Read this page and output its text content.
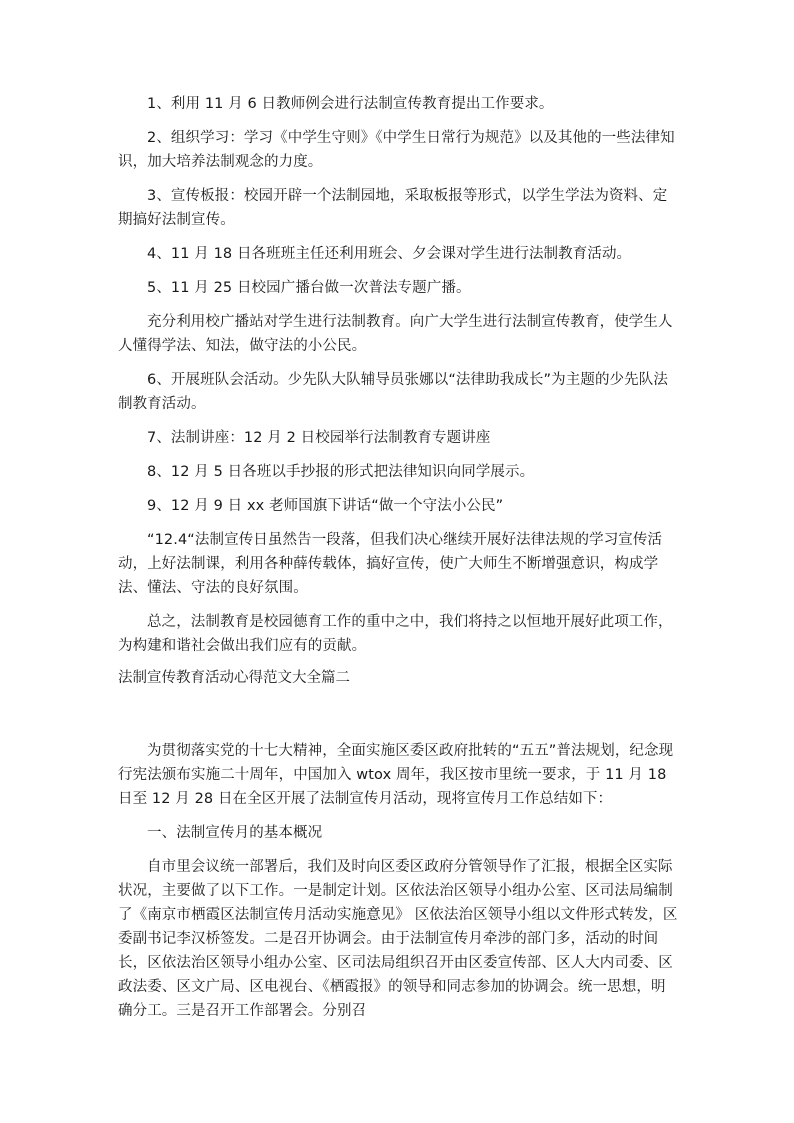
1、利用 11 月 6 日教师例会进行法制宣传教育提出工作要求。

2、组织学习：学习《中学生守则》《中学生日常行为规范》以及其他的一些法律知识，加大培养法制观念的力度。

3、宣传板报：校园开辟一个法制园地，采取板报等形式，以学生学法为资料、定期搞好法制宣传。

4、11 月 18 日各班班主任还利用班会、夕会课对学生进行法制教育活动。

5、11 月 25 日校园广播台做一次普法专题广播。

充分利用校广播站对学生进行法制教育。向广大学生进行法制宣传教育，使学生人人懂得学法、知法，做守法的小公民。

6、开展班队会活动。少先队大队辅导员张娜以“法律助我成长”为主题的少先队法制教育活动。

7、法制讲座：12 月 2 日校园举行法制教育专题讲座

8、12 月 5 日各班以手抄报的形式把法律知识向同学展示。

9、12 月 9 日 xx 老师国旗下讲话“做一个守法小公民”

“12.4“法制宣传日虽然告一段落，但我们决心继续开展好法律法规的学习宣传活动，上好法制课，利用各种薛传载体，搞好宣传，使广大师生不断增强意识，构成学法、懂法、守法的良好氛围。

总之，法制教育是校园德育工作的重中之中，我们将持之以恒地开展好此项工作，为构建和谐社会做出我们应有的贡献。

法制宣传教育活动心得范文大全篇二

为贯彻落实党的十七大精神，全面实施区委区政府批转的“五五”普法规划，纪念现行宪法颁布实施二十周年，中国加入 wtox 周年，我区按市里统一要求，于 11 月 18 日至 12 月 28 日在全区开展了法制宣传月活动，现将宣传月工作总结如下：

一、法制宣传月的基本概况

自市里会议统一部署后，我们及时向区委区政府分管领导作了汇报，根据全区实际状况，主要做了以下工作。一是制定计划。区依法治区领导小组办公室、区司法局编制了《南京市栖霞区法制宣传月活动实施意见》 区依法治区领导小组以文件形式转发，区委副书记李汉桥签发。二是召开协调会。由于法制宣传月牵涉的部门多，活动的时间长，区依法治区领导小组办公室、区司法局组织召开由区委宣传部、区人大内司委、区政法委、区文广局、区电视台、《栖霞报》的领导和同志参加的协调会。统一思想，明确分工。三是召开工作部署会。分别召
